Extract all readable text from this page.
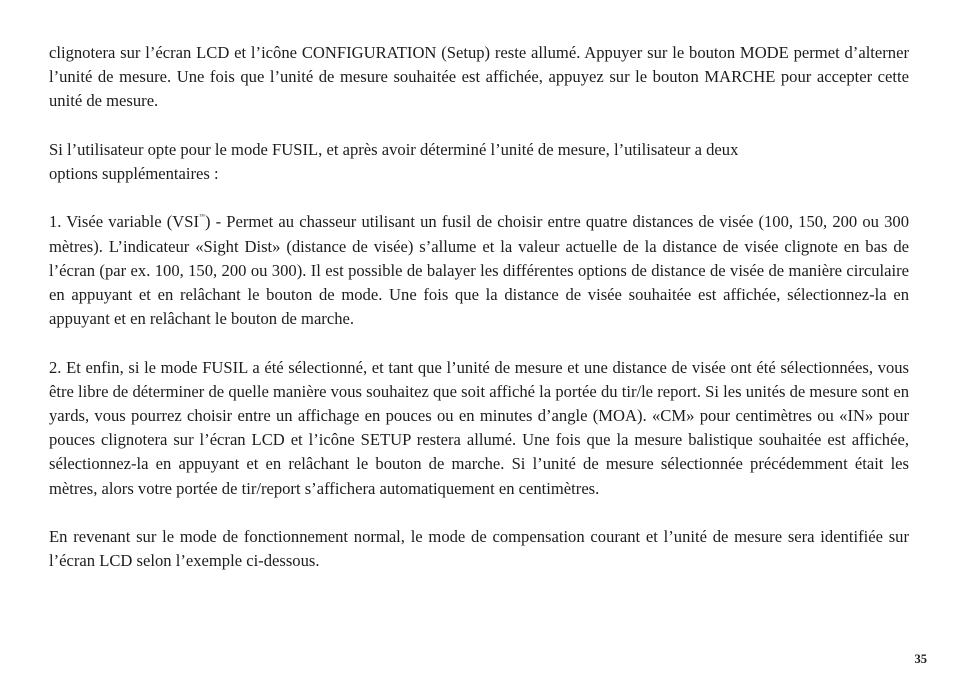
clignotera sur l’écran LCD et l’icône CONFIGURATION (Setup) reste allumé. Appuyer sur le bouton MODE permet d’alterner l’unité de mesure. Une fois que l’unité de mesure souhaitée est affichée, appuyez sur le bouton MARCHE pour accepter cette unité de mesure.

Si l’utilisateur opte pour le mode FUSIL, et après avoir déterminé l’unité de mesure, l’utilisateur a deux
options supplémentaires :

1. Visée variable (VSI™) - Permet au chasseur utilisant un fusil de choisir entre quatre distances de visée (100, 150, 200 ou 300 mètres). L’indicateur «Sight Dist» (distance de visée) s’allume et la valeur actuelle de la distance de visée clignote en bas de l’écran (par ex. 100, 150, 200 ou 300). Il est possible de balayer les différentes options de distance de visée de manière circulaire en appuyant et en relâchant le bouton de mode. Une fois que la distance de visée souhaitée est affichée, sélectionnez-la en appuyant et en relâchant le bouton de marche.

2. Et enfin, si le mode FUSIL a été sélectionné, et tant que l’unité de mesure et une distance de visée ont été sélectionnées, vous être libre de déterminer de quelle manière vous souhaitez que soit affiché la portée du tir/le report. Si les unités de mesure sont en yards, vous pourrez choisir entre un affichage en pouces ou en minutes d’angle (MOA). «CM» pour centimètres ou «IN» pour pouces clignotera sur l’écran LCD et l’icône SETUP restera allumé. Une fois que la mesure balistique souhaitée est affichée, sélectionnez-la en appuyant et en relâchant le bouton de marche. Si l’unité de mesure sélectionnée précédemment était les mètres, alors votre portée de tir/report s’affichera automatiquement en centimètres.

En revenant sur le mode de fonctionnement normal, le mode de compensation courant et l’unité de mesure sera identifiée sur l’écran LCD selon l’exemple ci-dessous.

35
